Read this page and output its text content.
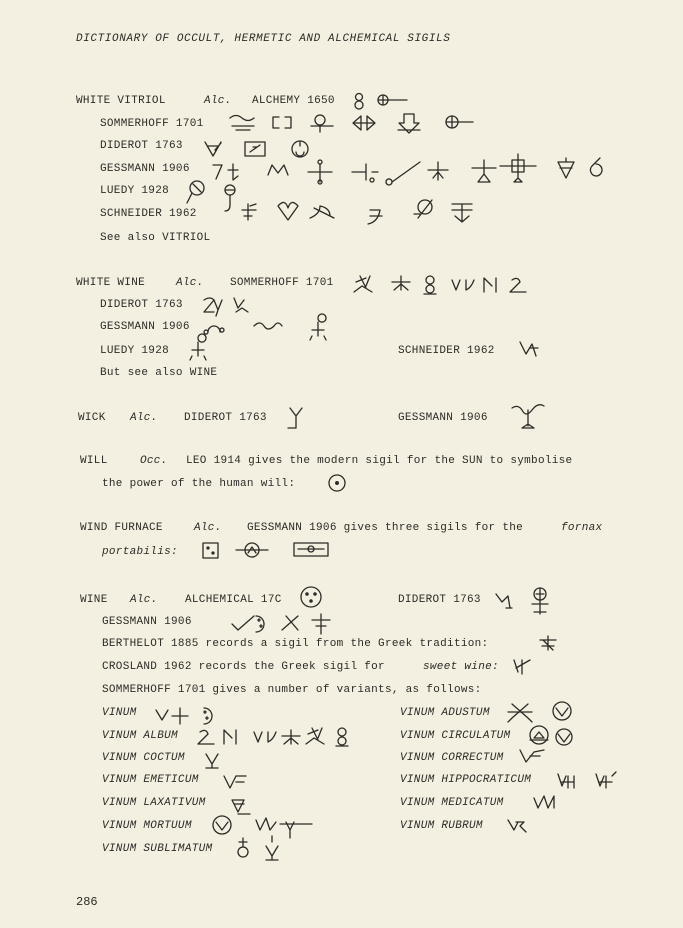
DICTIONARY OF OCCULT, HERMETIC AND ALCHEMICAL SIGILS
WHITE VITRIOL	Alc. ALCHEMY 1650
SOMMERHOFF 1701
DIDEROT 1763
GESSMANN 1906
LUEDY 1928
SCHNEIDER 1962
See also VITRIOL
WHITE WINE	Alc. SOMMERHOFF 1701
DIDEROT 1763
GESSMANN 1906
LUEDY 1928	SCHNEIDER 1962
But see also WINE
WICK Alc. DIDEROT 1763	GESSMANN 1906
WILL	Occ. LEO 1914 gives the modern sigil for the SUN to symbolise
the power of the human will:
WIND FURNACE	Alc. GESSMANN 1906 gives three sigils for the	fornax
portabilis:
WINE Alc. ALCHEMICAL 17C	DIDEROT 1763
GESSMANN 1906
BERTHELOT 1885 records a sigil from the Greek tradition:
CROSLAND 1962 records the Greek sigil for	sweet wine:
SOMMERHOFF 1701 gives a number of variants, as follows:
VINUM
VINUM ALBUM
VINUM COCTUM
VINUM EMETICUM
VINUM LAXATIVUM
VINUM MORTUUM
VINUM SUBLIMATUM
VINUM ADUSTUM
VINUM CIRCULATUM
VINUM CORRECTUM
VINUM HIPPOCRATICUM
VINUM MEDICATUM
VINUM RUBRUM
286
